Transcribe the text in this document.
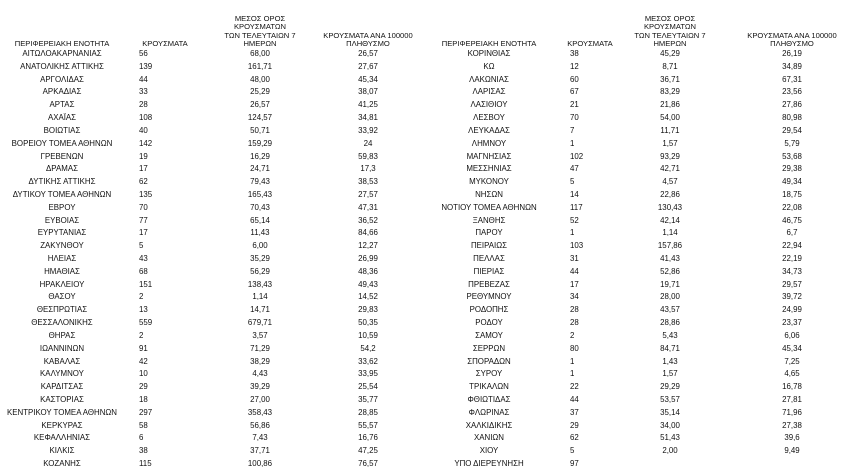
ΠΕΡΙΦΕΡΕΙΑΚΗ ΕΝΟΤΗΤΑ	ΚΡΟΥΣΜΑΤΑ
ΜΕΣΟΣ ΟΡΟΣ ΚΡΟΥΣΜΑΤΩΝ
ΤΩΝ ΤΕΛΕΥΤΑΙΩΝ 7
ΗΜΕΡΩΝ
ΚΡΟΥΣΜΑΤΑ ΑΝΑ 100000
ΠΛΗΘΥΣΜΟ
ΑΙΤΩΛΟΑΚΑΡΝΑΝΙΑΣ	56	68,00	26,57
ΑΝΑΤΟΛΙΚΗΣ ΑΤΤΙΚΗΣ	139	161,71	27,67
ΑΡΓΟΛΙΔΑΣ	44	48,00	45,34
ΑΡΚΑΔΙΑΣ	33	25,29	38,07
ΑΡΤΑΣ	28	26,57	41,25
ΑΧΑΪΑΣ	108	124,57	34,81
ΒΟΙΩΤΙΑΣ	40	50,71	33,92
ΒΟΡΕΙΟΥ ΤΟΜΕΑ ΑΘΗΝΩΝ	142	159,29	24
ΓΡΕΒΕΝΩΝ	19	16,29	59,83
ΔΡΑΜΑΣ	17	24,71	17,3
ΔΥΤΙΚΗΣ ΑΤΤΙΚΗΣ	62	79,43	38,53
ΔΥΤΙΚΟΥ ΤΟΜΕΑ ΑΘΗΝΩΝ	135	165,43	27,57
ΕΒΡΟΥ	70	70,43	47,31
ΕΥΒΟΙΑΣ	77	65,14	36,52
ΕΥΡΥΤΑΝΙΑΣ	17	11,43	84,66
ΖΑΚΥΝΘΟΥ	5	6,00	12,27
ΗΛΕΙΑΣ	43	35,29	26,99
ΗΜΑΘΙΑΣ	68	56,29	48,36
ΗΡΑΚΛΕΙΟΥ	151	138,43	49,43
ΘΑΣΟΥ	2	1,14	14,52
ΘΕΣΠΡΩΤΙΑΣ	13	14,71	29,83
ΘΕΣΣΑΛΟΝΙΚΗΣ	559	679,71	50,35
ΘΗΡΑΣ	2	3,57	10,59
ΙΩΑΝΝΙΝΩΝ	91	71,29	54,2
ΚΑΒΑΛΑΣ	42	38,29	33,62
ΚΑΛΥΜΝΟΥ	10	4,43	33,95
ΚΑΡΔΙΤΣΑΣ	29	39,29	25,54
ΚΑΣΤΟΡΙΑΣ	18	27,00	35,77
ΚΕΝΤΡΙΚΟΥ ΤΟΜΕΑ ΑΘΗΝΩΝ	297	358,43	28,85
ΚΕΡΚΥΡΑΣ	58	56,86	55,57
ΚΕΦΑΛΛΗΝΙΑΣ	6	7,43	16,76
ΚΙΛΚΙΣ	38	37,71	47,25
ΚΟΖΑΝΗΣ	115	100,86	76,57
ΠΕΡΙΦΕΡΕΙΑΚΗ ΕΝΟΤΗΤΑ	ΚΡΟΥΣΜΑΤΑ
ΜΕΣΟΣ ΟΡΟΣ ΚΡΟΥΣΜΑΤΩΝ
ΤΩΝ ΤΕΛΕΥΤΑΙΩΝ 7
ΗΜΕΡΩΝ
ΚΡΟΥΣΜΑΤΑ ΑΝΑ 100000
ΠΛΗΘΥΣΜΟ
ΚΟΡΙΝΘΙΑΣ	38	45,29	26,19
ΚΩ	12	8,71	34,89
ΛΑΚΩΝΙΑΣ	60	36,71	67,31
ΛΑΡΙΣΑΣ	67	83,29	23,56
ΛΑΣΙΘΙΟΥ	21	21,86	27,86
ΛΕΣΒΟΥ	70	54,00	80,98
ΛΕΥΚΑΔΑΣ	7	11,71	29,54
ΛΗΜΝΟΥ	1	1,57	5,79
ΜΑΓΝΗΣΙΑΣ	102	93,29	53,68
ΜΕΣΣΗΝΙΑΣ	47	42,71	29,38
ΜΥΚΟΝΟΥ	5	4,57	49,34
ΝΗΣΩΝ	14	22,86	18,75
ΝΟΤΙΟΥ ΤΟΜΕΑ ΑΘΗΝΩΝ	117	130,43	22,08
ΞΑΝΘΗΣ	52	42,14	46,75
ΠΑΡΟΥ	1	1,14	6,7
ΠΕΙΡΑΙΩΣ	103	157,86	22,94
ΠΕΛΛΑΣ	31	41,43	22,19
ΠΙΕΡΙΑΣ	44	52,86	34,73
ΠΡΕΒΕΖΑΣ	17	19,71	29,57
ΡΕΘΥΜΝΟΥ	34	28,00	39,72
ΡΟΔΟΠΗΣ	28	43,57	24,99
ΡΟΔΟΥ	28	28,86	23,37
ΣΑΜΟΥ	2	5,43	6,06
ΣΕΡΡΩΝ	80	84,71	45,34
ΣΠΟΡΑΔΩΝ	1	1,43	7,25
ΣΥΡΟΥ	1	1,57	4,65
ΤΡΙΚΑΛΩΝ	22	29,29	16,78
ΦΘΙΩΤΙΔΑΣ	44	53,57	27,81
ΦΛΩΡΙΝΑΣ	37	35,14	71,96
ΧΑΛΚΙΔΙΚΗΣ	29	34,00	27,38
ΧΑΝΙΩΝ	62	51,43	39,6
ΧΙΟΥ	5	2,00	9,49
ΥΠΟ ΔΙΕΡΕΥΝΗΣΗ	97
